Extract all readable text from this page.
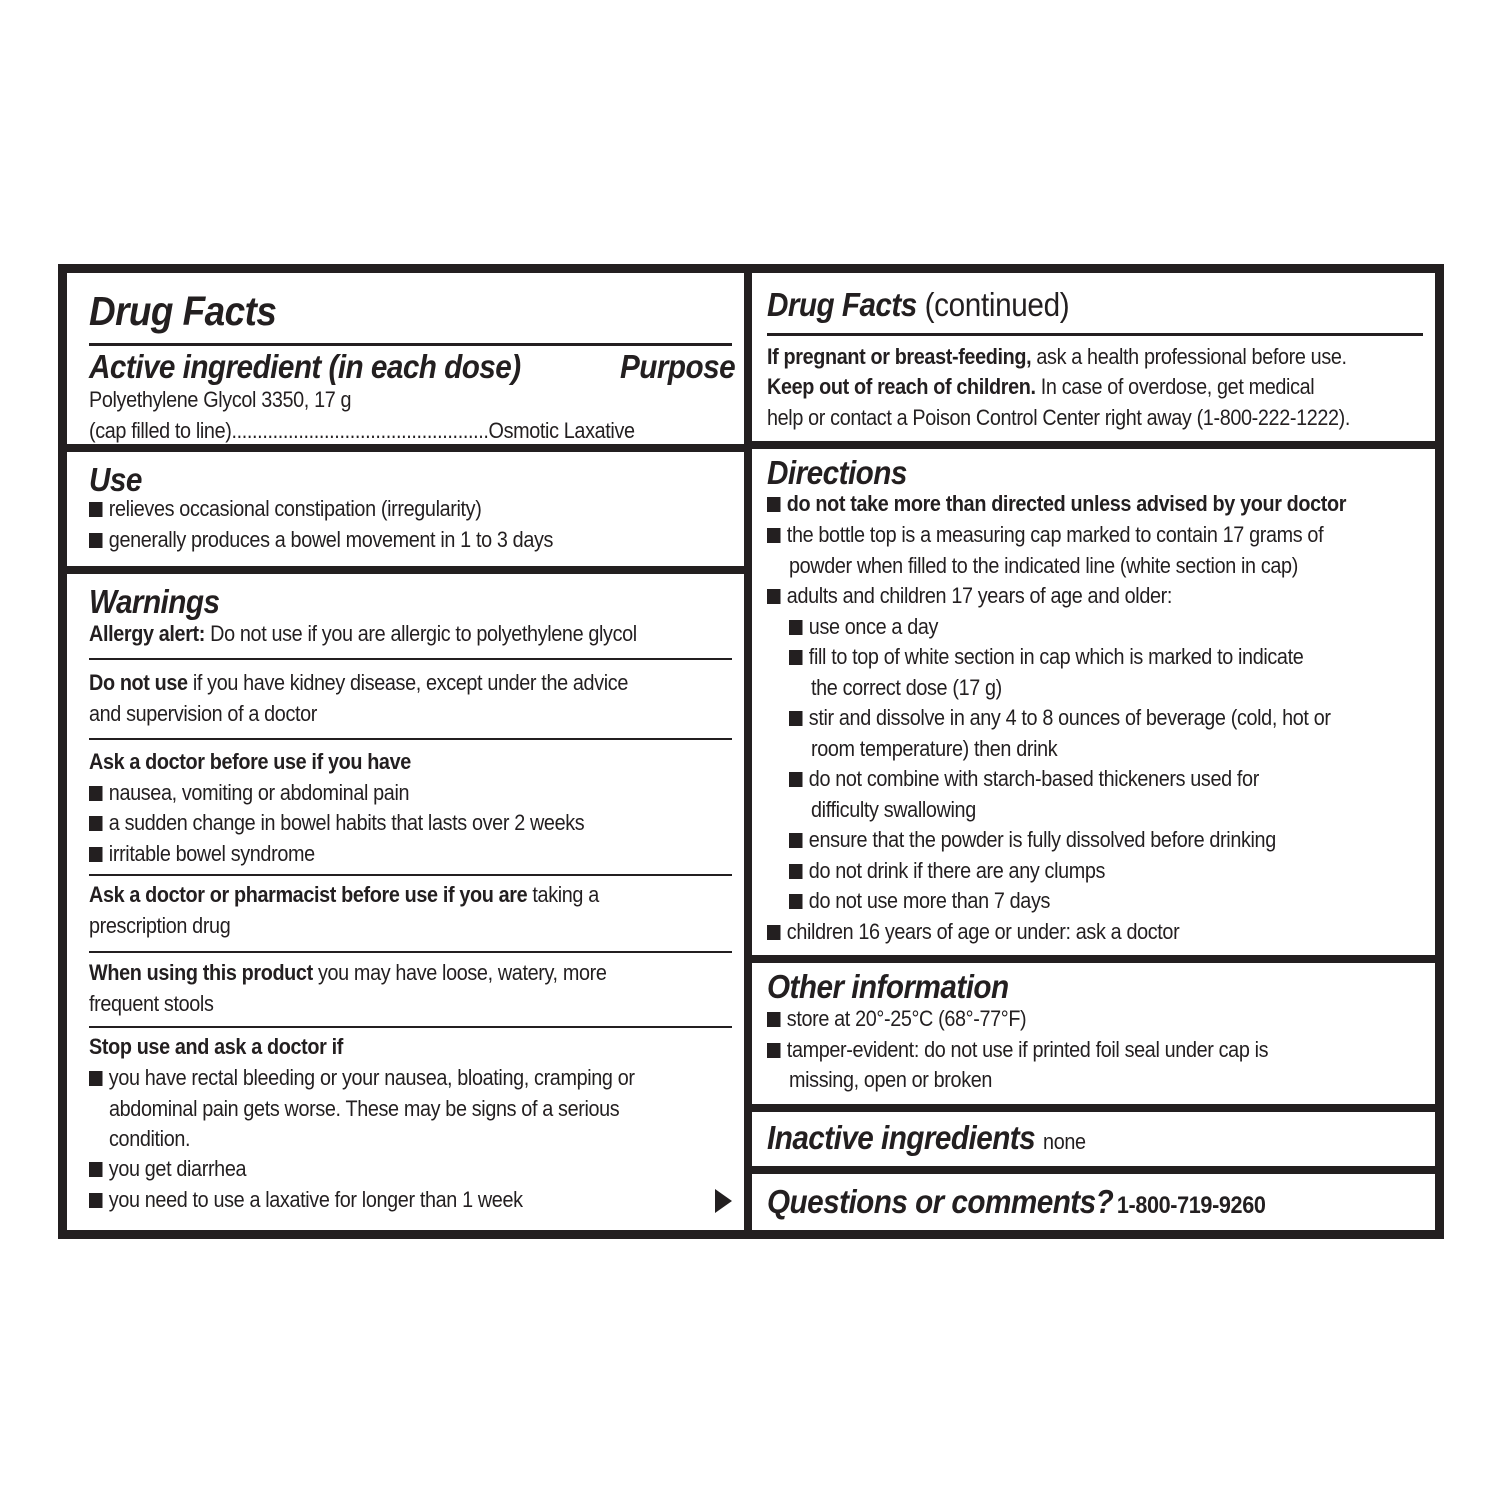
Drug Facts
Active ingredient (in each dose)	Purpose
Polyethylene Glycol 3350, 17 g
(cap filled to line)..................................................Osmotic Laxative
Use
relieves occasional constipation (irregularity)
generally produces a bowel movement in 1 to 3 days
Warnings
Allergy alert: Do not use if you are allergic to polyethylene glycol
Do not use if you have kidney disease, except under the advice
and supervision of a doctor
Ask a doctor before use if you have
nausea, vomiting or abdominal pain
a sudden change in bowel habits that lasts over 2 weeks
irritable bowel syndrome
Ask a doctor or pharmacist before use if you are taking a
prescription drug
When using this product you may have loose, watery, more
frequent stools
Stop use and ask a doctor if
you have rectal bleeding or your nausea, bloating, cramping or
abdominal pain gets worse. These may be signs of a serious
condition.
you get diarrhea
you need to use a laxative for longer than 1 week
Drug Facts (continued)
If pregnant or breast-feeding, ask a health professional before use.
Keep out of reach of children. In case of overdose, get medical
help or contact a Poison Control Center right away (1-800-222-1222).
Directions
do not take more than directed unless advised by your doctor
the bottle top is a measuring cap marked to contain 17 grams of
powder when filled to the indicated line (white section in cap)
adults and children 17 years of age and older:
use once a day
fill to top of white section in cap which is marked to indicate
the correct dose (17 g)
stir and dissolve in any 4 to 8 ounces of beverage (cold, hot or
room temperature) then drink
do not combine with starch-based thickeners used for
difficulty swallowing
ensure that the powder is fully dissolved before drinking
do not drink if there are any clumps
do not use more than 7 days
children 16 years of age or under: ask a doctor
Other information
store at 20°-25°C (68°-77°F)
tamper-evident: do not use if printed foil seal under cap is
missing, open or broken
Inactive ingredients none
Questions or comments? 1-800-719-9260
